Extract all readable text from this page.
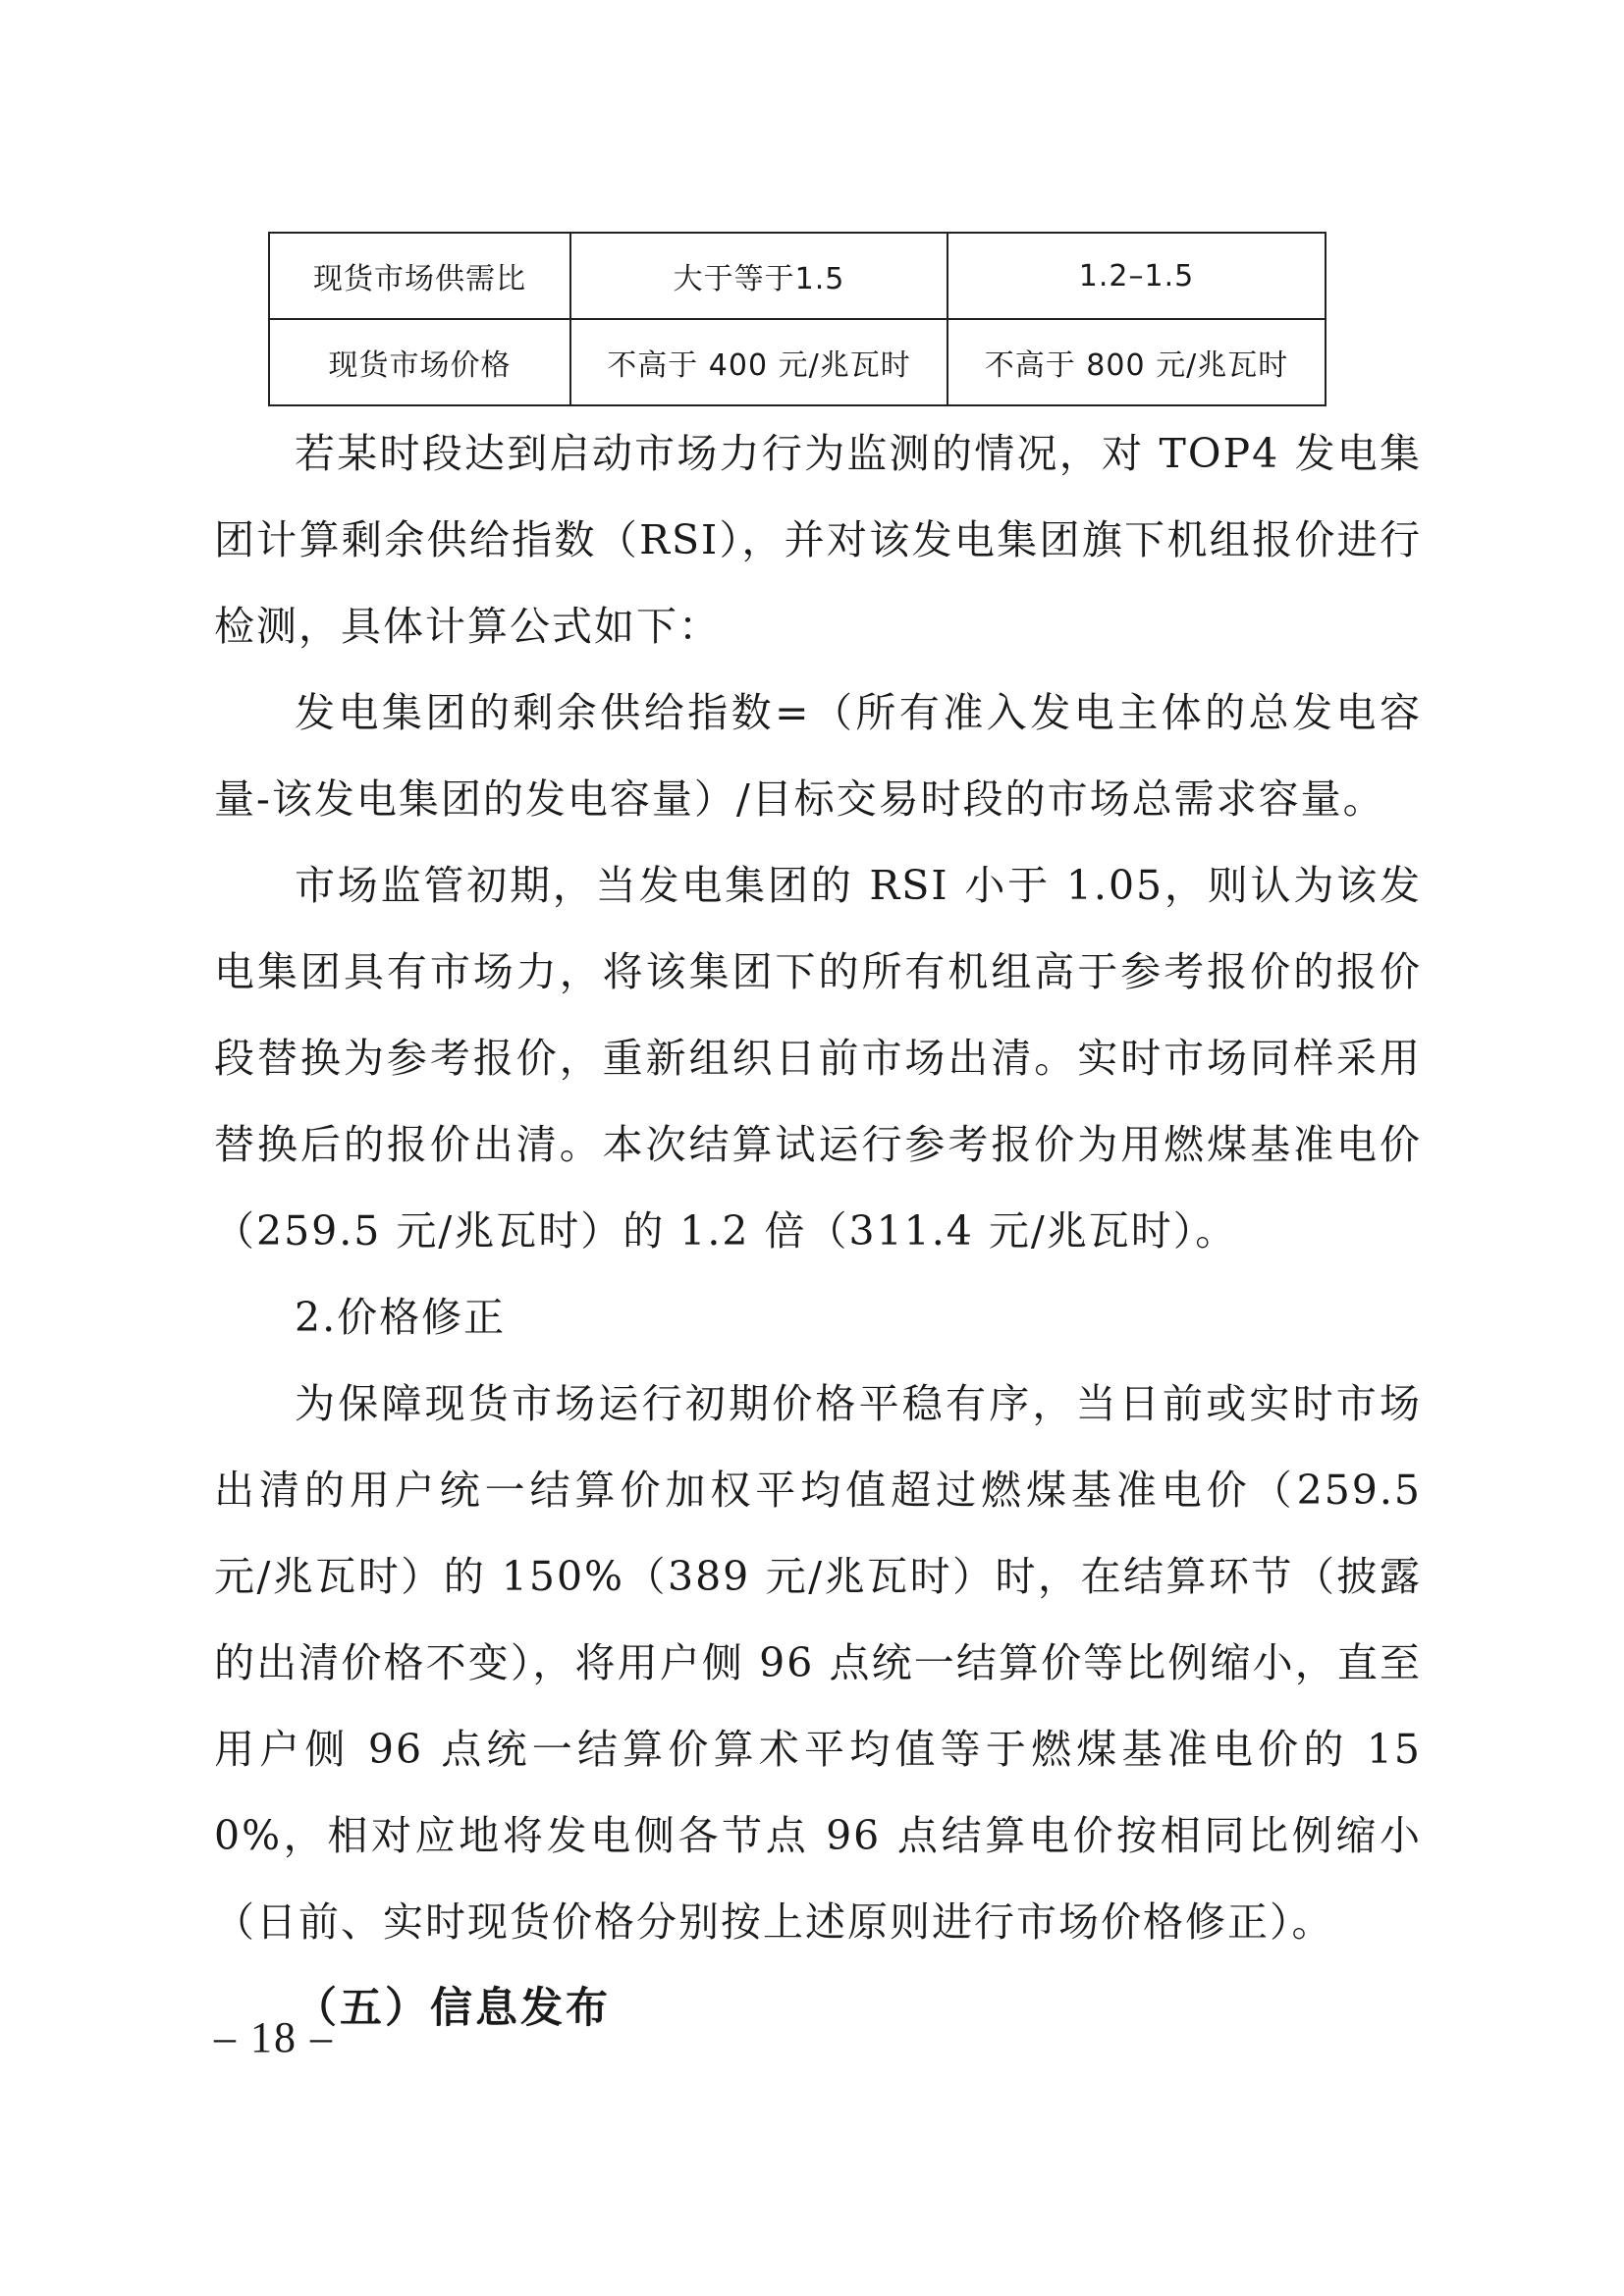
现货市场供需比	大于等于1.5	1.2–1.5
现货市场价格	不高于 400 元/兆瓦时	不高于 800 元/兆瓦时

若某时段达到启动市场力行为监测的情况，对 TOP4 发电集团计算剩余供给指数（RSI），并对该发电集团旗下机组报价进行检测，具体计算公式如下：

发电集团的剩余供给指数=（所有准入发电主体的总发电容量-该发电集团的发电容量）/目标交易时段的市场总需求容量。

市场监管初期，当发电集团的 RSI 小于 1.05，则认为该发电集团具有市场力，将该集团下的所有机组高于参考报价的报价段替换为参考报价，重新组织日前市场出清。实时市场同样采用替换后的报价出清。本次结算试运行参考报价为用燃煤基准电价（259.5 元/兆瓦时）的 1.2 倍（311.4 元/兆瓦时）。

2.价格修正

为保障现货市场运行初期价格平稳有序，当日前或实时市场出清的用户统一结算价加权平均值超过燃煤基准电价（259.5 元/兆瓦时）的 150%（389 元/兆瓦时）时，在结算环节（披露的出清价格不变），将用户侧 96 点统一结算价等比例缩小，直至用户侧 96 点统一结算价算术平均值等于燃煤基准电价的 150%，相对应地将发电侧各节点 96 点结算电价按相同比例缩小（日前、实时现货价格分别按上述原则进行市场价格修正）。

（五）信息发布

– 18 –
